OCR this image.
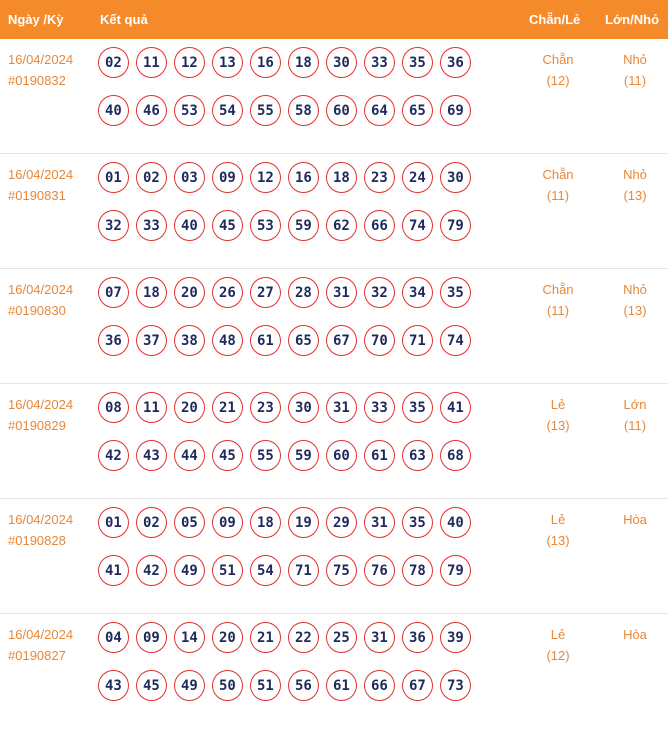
Ngày /Kỳ	Kết quả	Chẵn/Lẻ Lớn/Nhỏ
16/04/2024
#0190832
02	11	12	13	16	18	30	33	35	36
40	46	53	54	55	58	60	64	65	69
Chẵn
(12)
Nhỏ
(11)
16/04/2024
#0190831
01	02	03	09	12	16	18	23	24	30
32	33	40	45	53	59	62	66	74	79
Chẵn
(11)
Nhỏ
(13)
16/04/2024
#0190830
07	18	20	26	27	28	31	32	34	35
36	37	38	48	61	65	67	70	71	74
Chẵn
(11)
Nhỏ
(13)
16/04/2024
#0190829
08	11	20	21	23	30	31	33	35	41
42	43	44	45	55	59	60	61	63	68
Lẻ
(13)
Lớn
(11)
16/04/2024
#0190828
01	02	05	09	18	19	29	31	35	40
41	42	49	51	54	71	75	76	78	79
Lẻ
(13)
Hòa
16/04/2024
#0190827
04	09	14	20	21	22	25	31	36	39
43	45	49	50	51	56	61	66	67	73
Lẻ
(12)
Hòa
